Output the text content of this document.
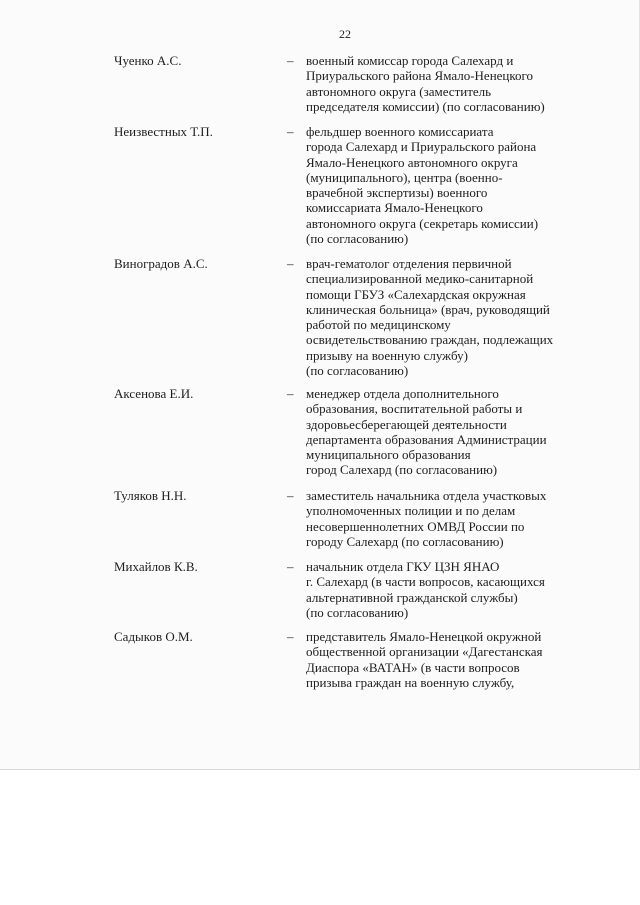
22
Чуенко А.С.	– военный комиссар города Салехард и
Приуральского района Ямало-Ненецкого
автономного округа (заместитель
председателя комиссии) (по согласованию)
Неизвестных Т.П.	– фельдшер военного комиссариата
города Салехард и Приуральского района
Ямало-Ненецкого автономного округа
(муниципального), центра (военно-
врачебной экспертизы) военного
комиссариата Ямало-Ненецкого
автономного округа (секретарь комиссии)
(по согласованию)
Виноградов А.С.	– врач-гематолог отделения первичной
специализированной медико-санитарной
помощи ГБУЗ «Салехардская окружная
клиническая больница» (врач, руководящий
работой по медицинскому
освидетельствованию граждан, подлежащих
призыву на военную службу)
(по согласованию)
Аксенова Е.И.	– менеджер отдела дополнительного
образования, воспитательной работы и
здоровьесберегающей деятельности
департамента образования Администрации
муниципального образования
город Салехард (по согласованию)
Туляков Н.Н.	– заместитель начальника отдела участковых
уполномоченных полиции и по делам
несовершеннолетних ОМВД России по
городу Салехард (по согласованию)
Михайлов К.В.	– начальник отдела ГКУ ЦЗН ЯНАО
г. Салехард (в части вопросов, касающихся
альтернативной гражданской службы)
(по согласованию)
Садыков О.М.	– представитель Ямало-Ненецкой окружной
общественной организации «Дагестанская
Диаспора «ВАТАН» (в части вопросов
призыва граждан на военную службу,
